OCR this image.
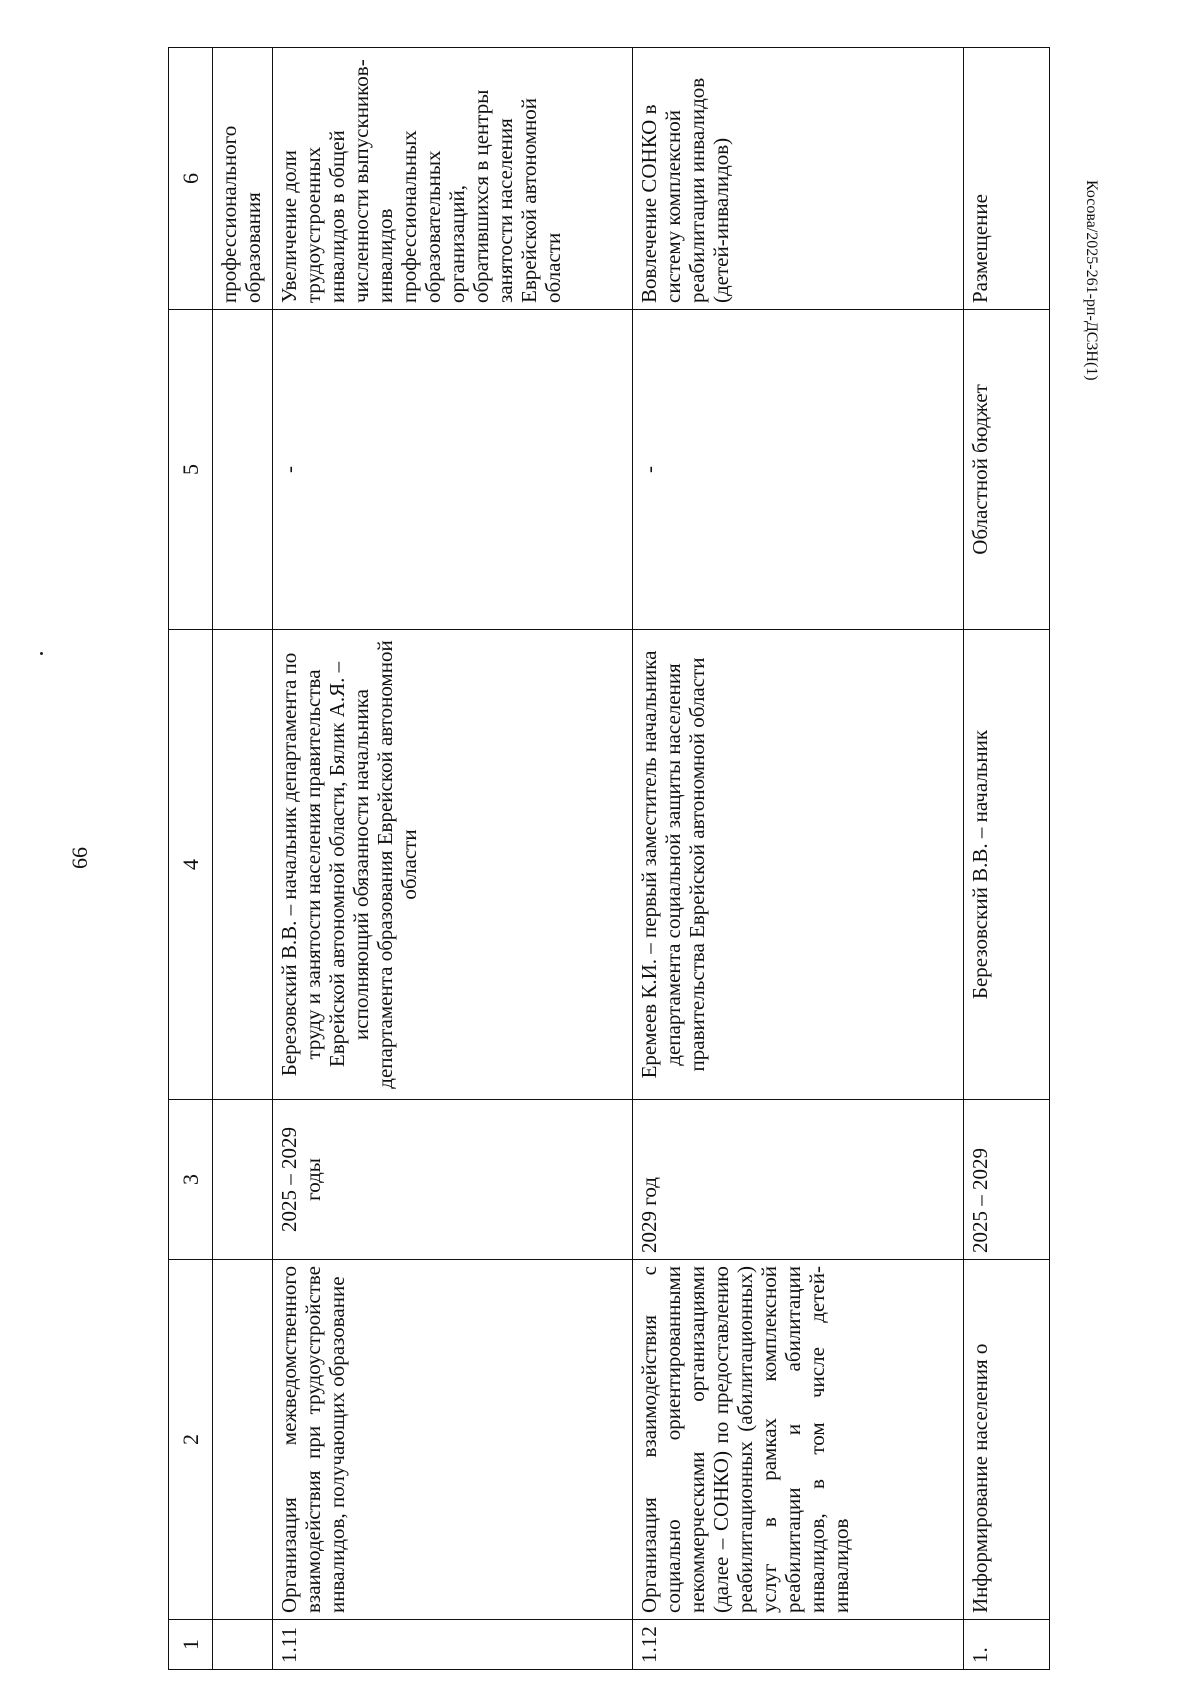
66
1	2	3	4	5	6
					профессионального образования
1.11	Организация межведомственного взаимодействия при трудоустройстве инвалидов, получающих образование	2025 – 2029 годы	Березовский В.В. – начальник департамента по труду и занятости населения правительства Еврейской автономной области, Бялик А.Я. – исполняющий обязанности начальника департамента образования Еврейской автономной области	-	Увеличение доли трудоустроенных инвалидов в общей численности выпускников-инвалидов профессиональных образовательных организаций, обратившихся в центры занятости населения Еврейской автономной области
1.12	Организация взаимодействия с социально ориентированными некоммерческими организациями (далее – СОНКО) по предоставлению реабилитационных (абилитационных) услуг в рамках комплексной реабилитации и абилитации инвалидов, в том числе детей-инвалидов	2029 год	Еремеев К.И. – первый заместитель начальника департамента социальной защиты населения правительства Еврейской автономной области	-	Вовлечение СОНКО в систему комплексной реабилитации инвалидов (детей-инвалидов)
1.	Информирование населения о	2025 – 2029	Березовский В.В. – начальник	Областной бюджет	Размещение	Косова/2025-261-рп-ДСЗН(1)
